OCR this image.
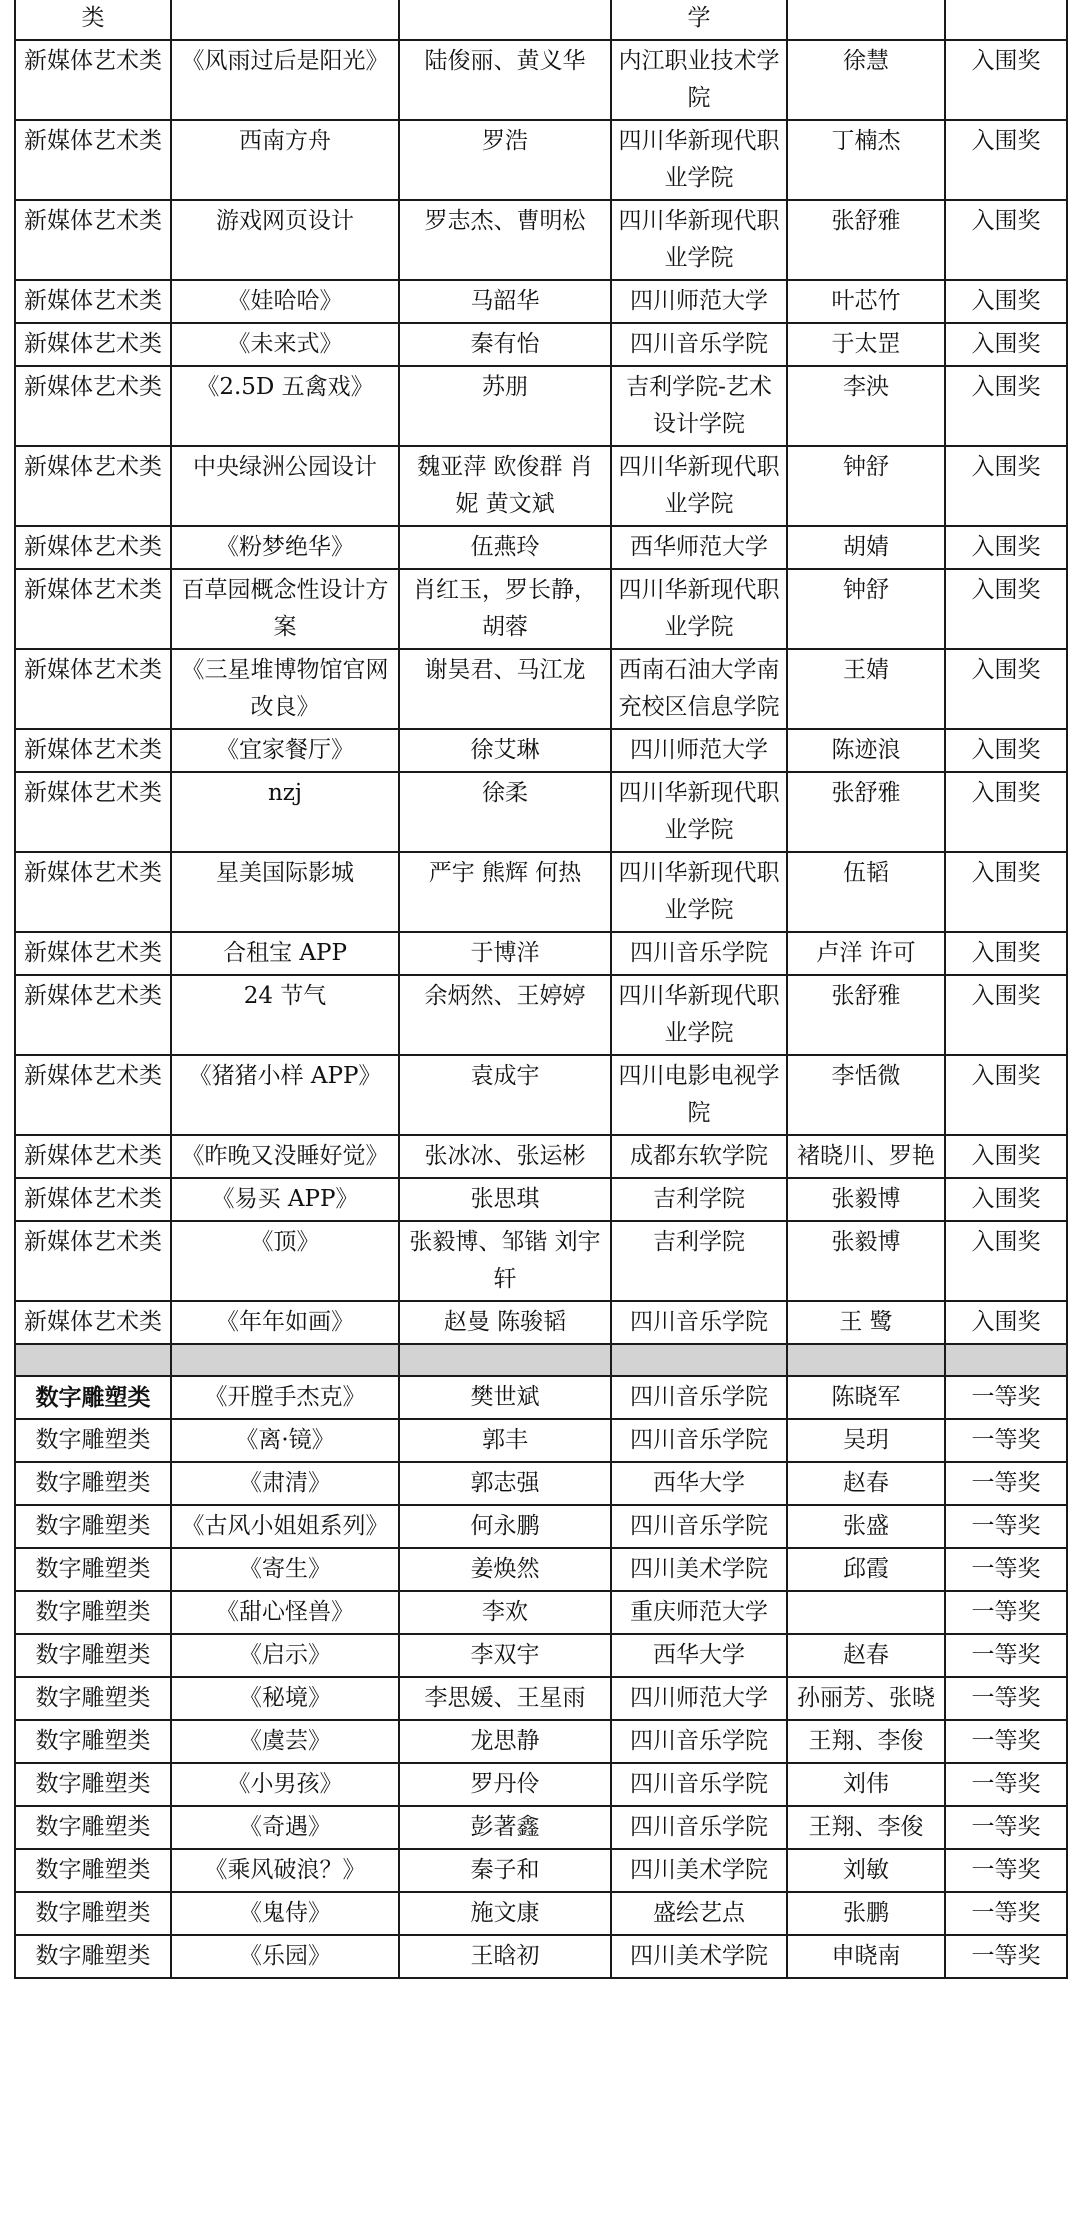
类			学		
新媒体艺术类	《风雨过后是阳光》	陆俊丽、黄义华	内江职业技术学院	徐慧	入围奖
新媒体艺术类	西南方舟	罗浩	四川华新现代职业学院	丁楠杰	入围奖
新媒体艺术类	游戏网页设计	罗志杰、曹明松	四川华新现代职业学院	张舒雅	入围奖
新媒体艺术类	《娃哈哈》	马韶华	四川师范大学	叶芯竹	入围奖
新媒体艺术类	《未来式》	秦有怡	四川音乐学院	于太罡	入围奖
新媒体艺术类	《2.5D 五禽戏》	苏朋	吉利学院-艺术设计学院	李泱	入围奖
新媒体艺术类	中央绿洲公园设计	魏亚萍 欧俊群 肖妮 黄文斌	四川华新现代职业学院	钟舒	入围奖
新媒体艺术类	《粉梦绝华》	伍燕玲	西华师范大学	胡婧	入围奖
新媒体艺术类	百草园概念性设计方案	肖红玉，罗长静，胡蓉	四川华新现代职业学院	钟舒	入围奖
新媒体艺术类	《三星堆博物馆官网改良》	谢昊君、马江龙	西南石油大学南充校区信息学院	王婧	入围奖
新媒体艺术类	《宜家餐厅》	徐艾琳	四川师范大学	陈迹浪	入围奖
新媒体艺术类	nzj	徐柔	四川华新现代职业学院	张舒雅	入围奖
新媒体艺术类	星美国际影城	严宇 熊辉 何热	四川华新现代职业学院	伍韬	入围奖
新媒体艺术类	合租宝 APP	于博洋	四川音乐学院	卢洋 许可	入围奖
新媒体艺术类	24 节气	余炳然、王婷婷	四川华新现代职业学院	张舒雅	入围奖
新媒体艺术类	《猪猪小样 APP》	袁成宇	四川电影电视学院	李恬微	入围奖
新媒体艺术类	《昨晚又没睡好觉》	张冰冰、张运彬	成都东软学院	褚晓川、罗艳	入围奖
新媒体艺术类	《易买 APP》	张思琪	吉利学院	张毅博	入围奖
新媒体艺术类	《顶》	张毅博、邹锴 刘宇轩	吉利学院	张毅博	入围奖
新媒体艺术类	《年年如画》	赵曼 陈骏韬	四川音乐学院	王 鹭	入围奖

数字雕塑类	《开膛手杰克》	樊世斌	四川音乐学院	陈晓军	一等奖
数字雕塑类	《离·镜》	郭丰	四川音乐学院	吴玥	一等奖
数字雕塑类	《肃清》	郭志强	西华大学	赵春	一等奖
数字雕塑类	《古风小姐姐系列》	何永鹏	四川音乐学院	张盛	一等奖
数字雕塑类	《寄生》	姜焕然	四川美术学院	邱霞	一等奖
数字雕塑类	《甜心怪兽》	李欢	重庆师范大学		一等奖
数字雕塑类	《启示》	李双宇	西华大学	赵春	一等奖
数字雕塑类	《秘境》	李思媛、王星雨	四川师范大学	孙丽芳、张晓	一等奖
数字雕塑类	《虞芸》	龙思静	四川音乐学院	王翔、李俊	一等奖
数字雕塑类	《小男孩》	罗丹伶	四川音乐学院	刘伟	一等奖
数字雕塑类	《奇遇》	彭著鑫	四川音乐学院	王翔、李俊	一等奖
数字雕塑类	《乘风破浪？》	秦子和	四川美术学院	刘敏	一等奖
数字雕塑类	《鬼侍》	施文康	盛绘艺点	张鹏	一等奖
数字雕塑类	《乐园》	王晗初	四川美术学院	申晓南	一等奖
